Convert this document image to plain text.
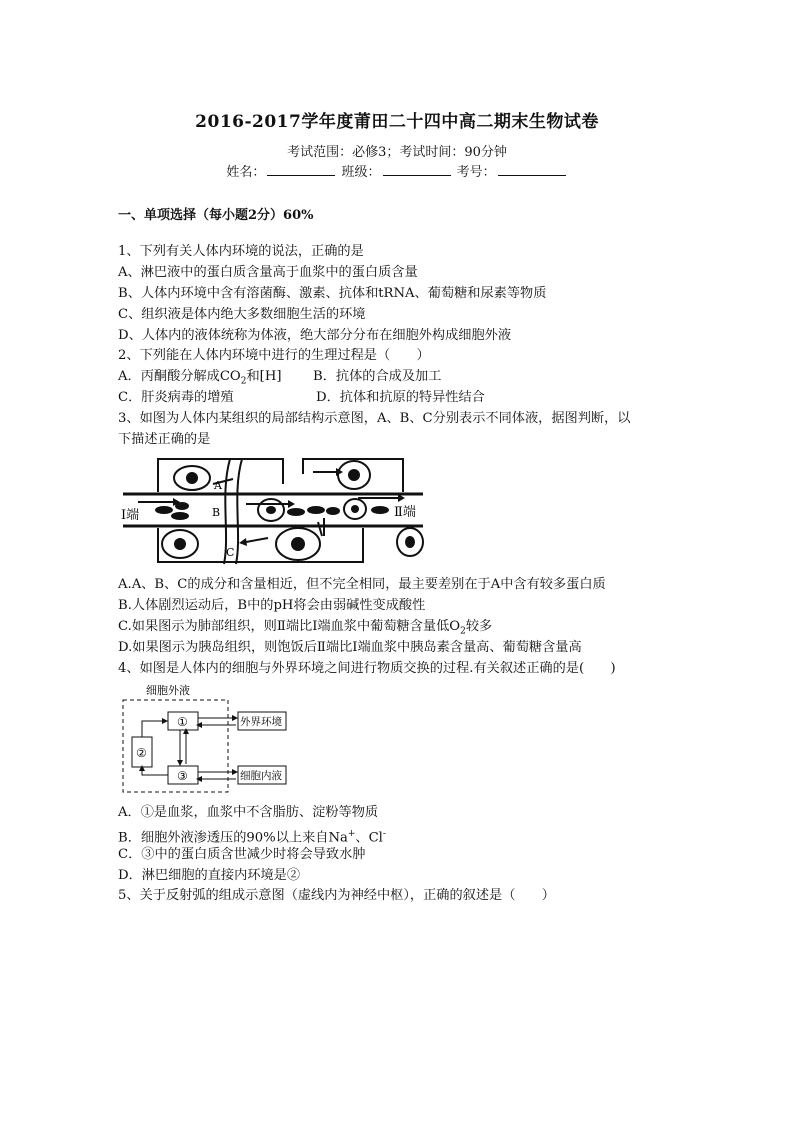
2016-2017学年度莆田二十四中高二期末生物试卷
考试范围：必修3；考试时间：90分钟
姓名：	班级：	考号：
一、单项选择（每小题2分）60%
1、下列有关人体内环境的说法，正确的是
A、淋巴液中的蛋白质含量高于血浆中的蛋白质含量
B、人体内环境中含有溶菌酶、激素、抗体和tRNA、葡萄糖和尿素等物质
C、组织液是体内绝大多数细胞生活的环境
D、人体内的液体统称为体液，绝大部分分布在细胞外构成细胞外液
2、下列能在人体内环境中进行的生理过程是（　　）
A．丙酮酸分解成$CO_2$和[H] B．抗体的合成及加工
C．肝炎病毒的增殖	D．抗体和抗原的特异性结合
3、如图为人体内某组织的局部结构示意图，A、B、C分别表示不同体液，据图判断，以
下描述正确的是
A
B
C
Ⅰ端	Ⅱ端
A.A、B、C的成分和含量相近，但不完全相同，最主要差别在于A中含有较多蛋白质
B.人体剧烈运动后，B中的pH将会由弱碱性变成酸性
C.如果图示为肺部组织，则Ⅱ端比Ⅰ端血浆中葡萄糖含量低$O_2$较多
D.如果图示为胰岛组织，则饱饭后Ⅱ端比Ⅰ端血浆中胰岛素含量高、葡萄糖含量高
4、如图是人体内的细胞与外界环境之间进行物质交换的过程.有关叙述正确的是(　　)
细胞外液
①
③
②
外界环境
细胞内液
A．①是血浆，血浆中不含脂肪、淀粉等物质
B．细胞外液渗透压的90%以上来自Na+、Cl-
C．③中的蛋白质含世减少时将会导致水肿
D．淋巴细胞的直接内环境是②
5、关于反射弧的组成示意图（虚线内为神经中枢），正确的叙述是（　　）
